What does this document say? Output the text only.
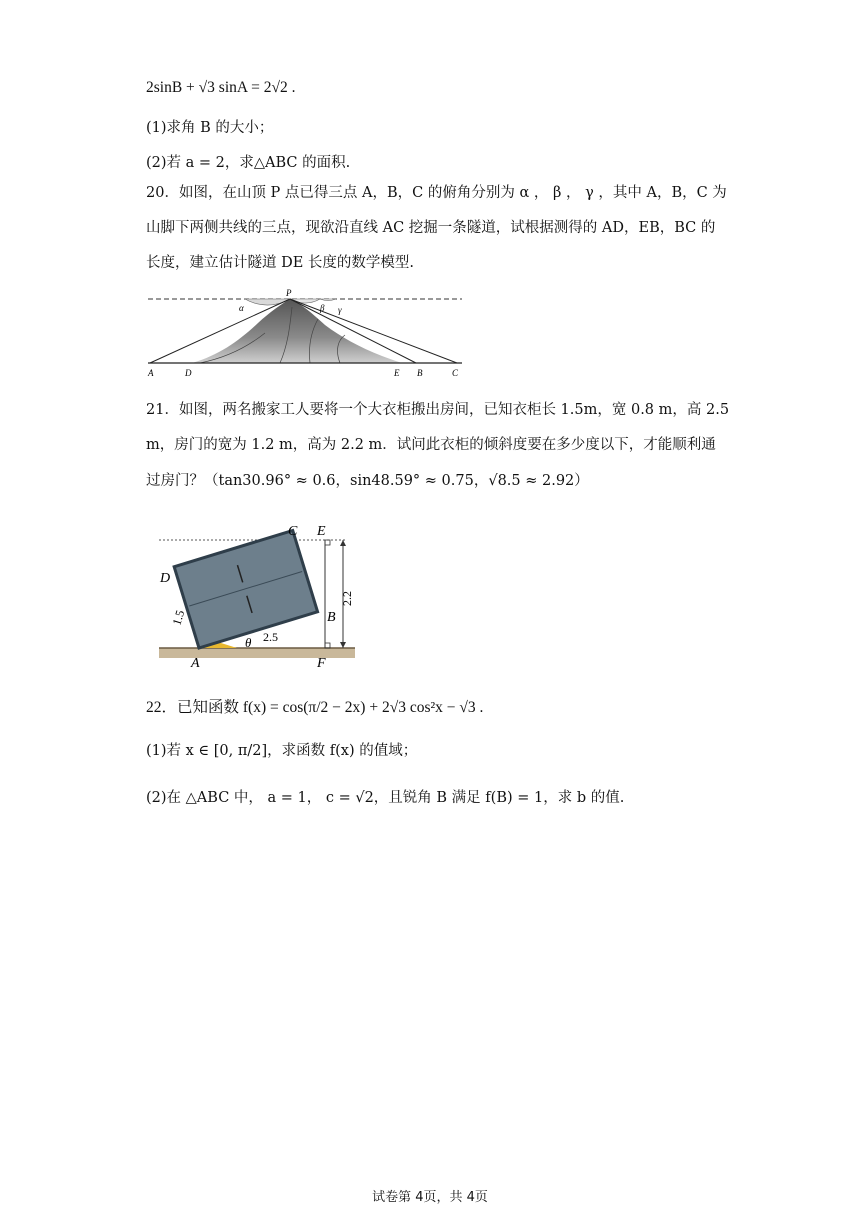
2sinB + √3 sinA = 2√2 .
(1)求角 B 的大小；
(2)若 a = 2，求△ABC 的面积.
20．如图，在山顶 P 点已得三点 A，B，C 的俯角分别为 α ， β ， γ ，其中 A，B，C 为
山脚下两侧共线的三点，现欲沿直线 AC 挖掘一条隧道，试根据测得的 AD，EB，BC 的
长度，建立估计隧道 DE 长度的数学模型.
P
α	β γ
A	D	E B	C
21．如图，两名搬家工人要将一个大衣柜搬出房间，已知衣柜长 1.5m，宽 0.8 m，高 2.5
m，房门的宽为 1.2 m，高为 2.2 m．试问此衣柜的倾斜度要在多少度以下，才能顺利通
过房门？（tan30.96° ≈ 0.6，sin48.59° ≈ 0.75，√8.5 ≈ 2.92）
C E
D
B
A	F
θ 2.5
1.5
2.2
22．已知函数 f(x) = cos(π/2 − 2x) + 2√3 cos²x − √3 .
(1)若 x ∈ [0, π/2]，求函数 f(x) 的值域；
(2)在 △ABC 中， a = 1， c = √2，且锐角 B 满足 f(B) = 1，求 b 的值.
试卷第 4页，共 4页
